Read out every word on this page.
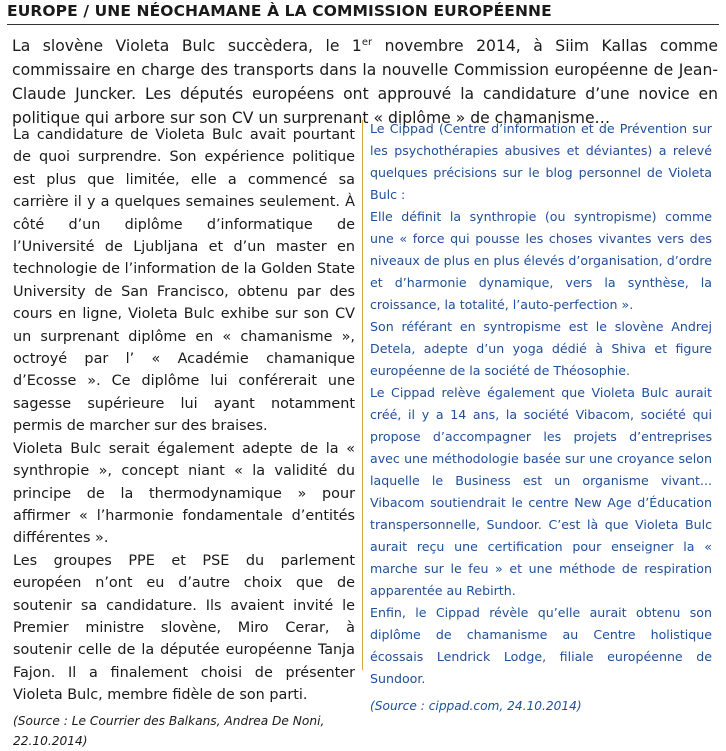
EUROPE / UNE NÉOCHAMANE À LA COMMISSION EUROPÉENNE

La slovène Violeta Bulc succèdera, le 1er novembre 2014, à Siim Kallas comme commissaire en charge des transports dans la nouvelle Commission européenne de Jean-Claude Juncker. Les députés européens ont approuvé la candidature d’une novice en politique qui arbore sur son CV un surprenant « diplôme » de chamanisme…

La candidature de Violeta Bulc avait pourtant de quoi surprendre. Son expérience politique est plus que limitée, elle a commencé sa carrière il y a quelques semaines seulement. À côté d’un diplôme d’informatique de l’Université de Ljubljana et d’un master en technologie de l’information de la Golden State University de San Francisco, obtenu par des cours en ligne, Violeta Bulc exhibe sur son CV un surprenant diplôme en « chamanisme », octroyé par l’ « Académie chamanique d’Ecosse ». Ce diplôme lui conférerait une sagesse supérieure lui ayant notamment permis de marcher sur des braises.

Violeta Bulc serait également adepte de la « synthropie », concept niant « la validité du principe de la thermodynamique » pour affirmer « l’harmonie fondamentale d’entités différentes ».

Les groupes PPE et PSE du parlement européen n’ont eu d’autre choix que de soutenir sa candidature. Ils avaient invité le Premier ministre slovène, Miro Cerar, à soutenir celle de la députée européenne Tanja Fajon. Il a finalement choisi de présenter Violeta Bulc, membre fidèle de son parti.

(Source : Le Courrier des Balkans, Andrea De Noni, 22.10.2014)

Le Cippad (Centre d’information et de Prévention sur les psychothérapies abusives et déviantes) a relevé quelques précisions sur le blog personnel de Violeta Bulc :

Elle définit la synthropie (ou syntropisme) comme une « force qui pousse les choses vivantes vers des niveaux de plus en plus élevés d’organisation, d’ordre et d’harmonie dynamique, vers la synthèse, la croissance, la totalité, l’auto-perfection ».

Son référant en syntropisme est le slovène Andrej Detela, adepte d’un yoga dédié à Shiva et figure européenne de la société de Théosophie.

Le Cippad relève également que Violeta Bulc aurait créé, il y a 14 ans, la société Vibacom, société qui propose d’accompagner les projets d’entreprises avec une méthodologie basée sur une croyance selon laquelle le Business est un organisme vivant... Vibacom soutiendrait le centre New Age d’Éducation transpersonnelle, Sundoor. C’est là que Violeta Bulc aurait reçu une certification pour enseigner la « marche sur le feu » et une méthode de respiration apparentée au Rebirth.

Enfin, le Cippad révèle qu’elle aurait obtenu son diplôme de chamanisme au Centre holistique écossais Lendrick Lodge, filiale européenne de Sundoor.

(Source : cippad.com, 24.10.2014)
